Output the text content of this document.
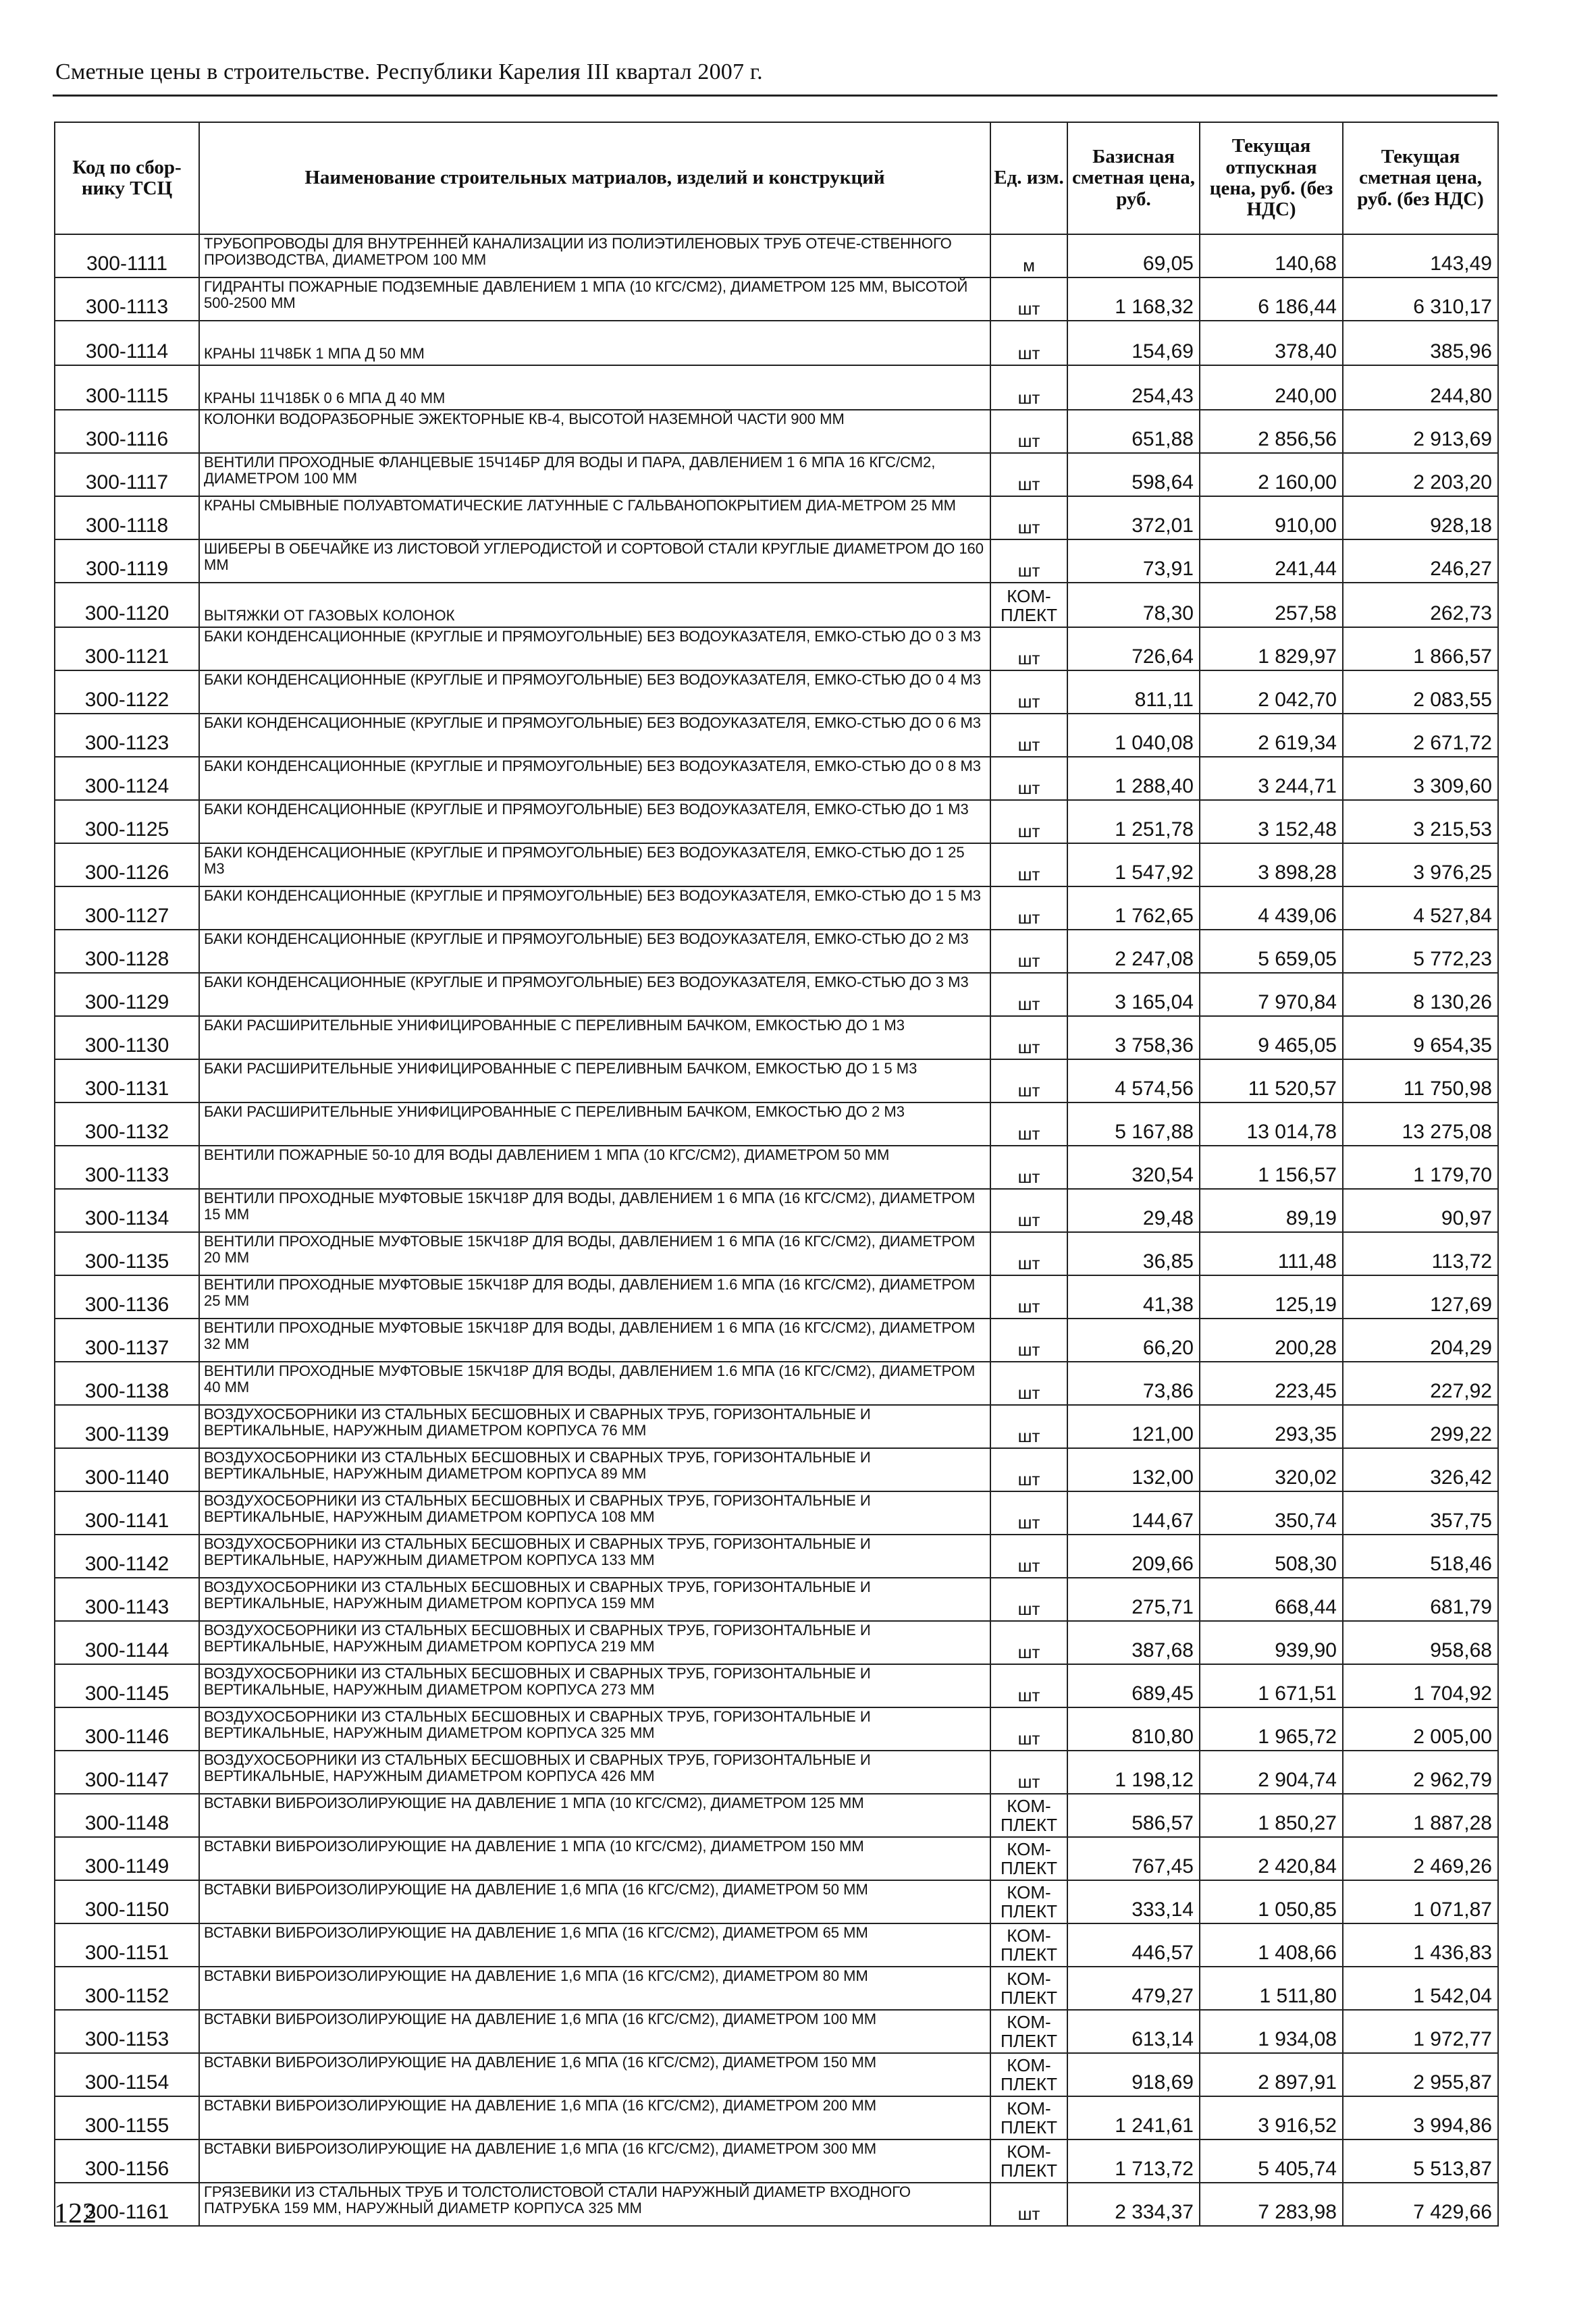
Сметные цены в строительстве. Республики Карелия III квартал 2007 г.
Код по сбор-нику ТСЦ	Наименование строительных матриалов, изделий и конструкций	Ед. изм.	Базисная сметная цена, руб.	Текущая отпускная цена, руб. (без НДС)	Текущая сметная цена, руб. (без НДС)
300-1111	ТРУБОПРОВОДЫ ДЛЯ ВНУТРЕННЕЙ КАНАЛИЗАЦИИ ИЗ ПОЛИЭТИЛЕНОВЫХ ТРУБ ОТЕЧЕ-СТВЕННОГО ПРОИЗВОДСТВА, ДИАМЕТРОМ 100 ММ	м	69,05	140,68	143,49
300-1113	ГИДРАНТЫ ПОЖАРНЫЕ ПОДЗЕМНЫЕ ДАВЛЕНИЕМ 1 МПА (10 КГС/СМ2), ДИАМЕТРОМ 125 ММ, ВЫСОТОЙ 500-2500 ММ	шт	1 168,32	6 186,44	6 310,17
300-1114	КРАНЫ 11Ч8БК 1 МПА Д 50 ММ	шт	154,69	378,40	385,96
300-1115	КРАНЫ 11Ч18БК 0 6 МПА Д 40 ММ	шт	254,43	240,00	244,80
300-1116	КОЛОНКИ ВОДОРАЗБОРНЫЕ ЭЖЕКТОРНЫЕ КВ-4, ВЫСОТОЙ НАЗЕМНОЙ ЧАСТИ 900 ММ	шт	651,88	2 856,56	2 913,69
300-1117	ВЕНТИЛИ ПРОХОДНЫЕ ФЛАНЦЕВЫЕ 15Ч14БР ДЛЯ ВОДЫ И ПАРА, ДАВЛЕНИЕМ 1 6 МПА 16 КГС/СМ2, ДИАМЕТРОМ 100 ММ	шт	598,64	2 160,00	2 203,20
300-1118	КРАНЫ СМЫВНЫЕ ПОЛУАВТОМАТИЧЕСКИЕ ЛАТУННЫЕ С ГАЛЬВАНОПОКРЫТИЕМ ДИА-МЕТРОМ 25 ММ	шт	372,01	910,00	928,18
300-1119	ШИБЕРЫ В ОБЕЧАЙКЕ ИЗ ЛИСТОВОЙ УГЛЕРОДИСТОЙ И СОРТОВОЙ СТАЛИ КРУГЛЫЕ ДИАМЕТРОМ ДО 160 ММ	шт	73,91	241,44	246,27
300-1120	ВЫТЯЖКИ ОТ ГАЗОВЫХ КОЛОНОК	КОМ-ПЛЕКТ	78,30	257,58	262,73
300-1121	БАКИ КОНДЕНСАЦИОННЫЕ (КРУГЛЫЕ И ПРЯМОУГОЛЬНЫЕ) БЕЗ ВОДОУКАЗАТЕЛЯ, ЕМКО-СТЬЮ ДО 0 3 М3	шт	726,64	1 829,97	1 866,57
300-1122	БАКИ КОНДЕНСАЦИОННЫЕ (КРУГЛЫЕ И ПРЯМОУГОЛЬНЫЕ) БЕЗ ВОДОУКАЗАТЕЛЯ, ЕМКО-СТЬЮ ДО 0 4 М3	шт	811,11	2 042,70	2 083,55
300-1123	БАКИ КОНДЕНСАЦИОННЫЕ (КРУГЛЫЕ И ПРЯМОУГОЛЬНЫЕ) БЕЗ ВОДОУКАЗАТЕЛЯ, ЕМКО-СТЬЮ ДО 0 6 М3	шт	1 040,08	2 619,34	2 671,72
300-1124	БАКИ КОНДЕНСАЦИОННЫЕ (КРУГЛЫЕ И ПРЯМОУГОЛЬНЫЕ) БЕЗ ВОДОУКАЗАТЕЛЯ, ЕМКО-СТЬЮ ДО 0 8 М3	шт	1 288,40	3 244,71	3 309,60
300-1125	БАКИ КОНДЕНСАЦИОННЫЕ (КРУГЛЫЕ И ПРЯМОУГОЛЬНЫЕ) БЕЗ ВОДОУКАЗАТЕЛЯ, ЕМКО-СТЬЮ ДО 1 М3	шт	1 251,78	3 152,48	3 215,53
300-1126	БАКИ КОНДЕНСАЦИОННЫЕ (КРУГЛЫЕ И ПРЯМОУГОЛЬНЫЕ) БЕЗ ВОДОУКАЗАТЕЛЯ, ЕМКО-СТЬЮ ДО 1 25 М3	шт	1 547,92	3 898,28	3 976,25
300-1127	БАКИ КОНДЕНСАЦИОННЫЕ (КРУГЛЫЕ И ПРЯМОУГОЛЬНЫЕ) БЕЗ ВОДОУКАЗАТЕЛЯ, ЕМКО-СТЬЮ ДО 1 5 М3	шт	1 762,65	4 439,06	4 527,84
300-1128	БАКИ КОНДЕНСАЦИОННЫЕ (КРУГЛЫЕ И ПРЯМОУГОЛЬНЫЕ) БЕЗ ВОДОУКАЗАТЕЛЯ, ЕМКО-СТЬЮ ДО 2 М3	шт	2 247,08	5 659,05	5 772,23
300-1129	БАКИ КОНДЕНСАЦИОННЫЕ (КРУГЛЫЕ И ПРЯМОУГОЛЬНЫЕ) БЕЗ ВОДОУКАЗАТЕЛЯ, ЕМКО-СТЬЮ ДО 3 М3	шт	3 165,04	7 970,84	8 130,26
300-1130	БАКИ РАСШИРИТЕЛЬНЫЕ УНИФИЦИРОВАННЫЕ С ПЕРЕЛИВНЫМ БАЧКОМ, ЕМКОСТЬЮ ДО 1 М3	шт	3 758,36	9 465,05	9 654,35
300-1131	БАКИ РАСШИРИТЕЛЬНЫЕ УНИФИЦИРОВАННЫЕ С ПЕРЕЛИВНЫМ БАЧКОМ, ЕМКОСТЬЮ ДО 1 5 М3	шт	4 574,56	11 520,57	11 750,98
300-1132	БАКИ РАСШИРИТЕЛЬНЫЕ УНИФИЦИРОВАННЫЕ С ПЕРЕЛИВНЫМ БАЧКОМ, ЕМКОСТЬЮ ДО 2 М3	шт	5 167,88	13 014,78	13 275,08
300-1133	ВЕНТИЛИ ПОЖАРНЫЕ 50-10 ДЛЯ ВОДЫ ДАВЛЕНИЕМ 1 МПА (10 КГС/СМ2), ДИАМЕТРОМ 50 ММ	шт	320,54	1 156,57	1 179,70
300-1134	ВЕНТИЛИ ПРОХОДНЫЕ МУФТОВЫЕ 15КЧ18Р ДЛЯ ВОДЫ, ДАВЛЕНИЕМ 1 6 МПА (16 КГС/СМ2), ДИАМЕТРОМ 15 ММ	шт	29,48	89,19	90,97
300-1135	ВЕНТИЛИ ПРОХОДНЫЕ МУФТОВЫЕ 15КЧ18Р ДЛЯ ВОДЫ, ДАВЛЕНИЕМ 1 6 МПА (16 КГС/СМ2), ДИАМЕТРОМ 20 ММ	шт	36,85	111,48	113,72
300-1136	ВЕНТИЛИ ПРОХОДНЫЕ МУФТОВЫЕ 15КЧ18Р ДЛЯ ВОДЫ, ДАВЛЕНИЕМ 1.6 МПА (16 КГС/СМ2), ДИАМЕТРОМ 25 ММ	шт	41,38	125,19	127,69
300-1137	ВЕНТИЛИ ПРОХОДНЫЕ МУФТОВЫЕ 15КЧ18Р ДЛЯ ВОДЫ, ДАВЛЕНИЕМ 1 6 МПА (16 КГС/СМ2), ДИАМЕТРОМ 32 ММ	шт	66,20	200,28	204,29
300-1138	ВЕНТИЛИ ПРОХОДНЫЕ МУФТОВЫЕ 15КЧ18Р ДЛЯ ВОДЫ, ДАВЛЕНИЕМ 1.6 МПА (16 КГС/СМ2), ДИАМЕТРОМ 40 ММ	шт	73,86	223,45	227,92
300-1139	ВОЗДУХОСБОРНИКИ ИЗ СТАЛЬНЫХ БЕСШОВНЫХ И СВАРНЫХ ТРУБ, ГОРИЗОНТАЛЬНЫЕ И ВЕРТИКАЛЬНЫЕ, НАРУЖНЫМ ДИАМЕТРОМ КОРПУСА 76 ММ	шт	121,00	293,35	299,22
300-1140	ВОЗДУХОСБОРНИКИ ИЗ СТАЛЬНЫХ БЕСШОВНЫХ И СВАРНЫХ ТРУБ, ГОРИЗОНТАЛЬНЫЕ И ВЕРТИКАЛЬНЫЕ, НАРУЖНЫМ ДИАМЕТРОМ КОРПУСА 89 ММ	шт	132,00	320,02	326,42
300-1141	ВОЗДУХОСБОРНИКИ ИЗ СТАЛЬНЫХ БЕСШОВНЫХ И СВАРНЫХ ТРУБ, ГОРИЗОНТАЛЬНЫЕ И ВЕРТИКАЛЬНЫЕ, НАРУЖНЫМ ДИАМЕТРОМ КОРПУСА 108 ММ	шт	144,67	350,74	357,75
300-1142	ВОЗДУХОСБОРНИКИ ИЗ СТАЛЬНЫХ БЕСШОВНЫХ И СВАРНЫХ ТРУБ, ГОРИЗОНТАЛЬНЫЕ И ВЕРТИКАЛЬНЫЕ, НАРУЖНЫМ ДИАМЕТРОМ КОРПУСА 133 ММ	шт	209,66	508,30	518,46
300-1143	ВОЗДУХОСБОРНИКИ ИЗ СТАЛЬНЫХ БЕСШОВНЫХ И СВАРНЫХ ТРУБ, ГОРИЗОНТАЛЬНЫЕ И ВЕРТИКАЛЬНЫЕ, НАРУЖНЫМ ДИАМЕТРОМ КОРПУСА 159 ММ	шт	275,71	668,44	681,79
300-1144	ВОЗДУХОСБОРНИКИ ИЗ СТАЛЬНЫХ БЕСШОВНЫХ И СВАРНЫХ ТРУБ, ГОРИЗОНТАЛЬНЫЕ И ВЕРТИКАЛЬНЫЕ, НАРУЖНЫМ ДИАМЕТРОМ КОРПУСА 219 ММ	шт	387,68	939,90	958,68
300-1145	ВОЗДУХОСБОРНИКИ ИЗ СТАЛЬНЫХ БЕСШОВНЫХ И СВАРНЫХ ТРУБ, ГОРИЗОНТАЛЬНЫЕ И ВЕРТИКАЛЬНЫЕ, НАРУЖНЫМ ДИАМЕТРОМ КОРПУСА 273 ММ	шт	689,45	1 671,51	1 704,92
300-1146	ВОЗДУХОСБОРНИКИ ИЗ СТАЛЬНЫХ БЕСШОВНЫХ И СВАРНЫХ ТРУБ, ГОРИЗОНТАЛЬНЫЕ И ВЕРТИКАЛЬНЫЕ, НАРУЖНЫМ ДИАМЕТРОМ КОРПУСА 325 ММ	шт	810,80	1 965,72	2 005,00
300-1147	ВОЗДУХОСБОРНИКИ ИЗ СТАЛЬНЫХ БЕСШОВНЫХ И СВАРНЫХ ТРУБ, ГОРИЗОНТАЛЬНЫЕ И ВЕРТИКАЛЬНЫЕ, НАРУЖНЫМ ДИАМЕТРОМ КОРПУСА 426 ММ	шт	1 198,12	2 904,74	2 962,79
300-1148	ВСТАВКИ ВИБРОИЗОЛИРУЮЩИЕ НА ДАВЛЕНИЕ 1 МПА (10 КГС/СМ2), ДИАМЕТРОМ 125 ММ	КОМ-ПЛЕКТ	586,57	1 850,27	1 887,28
300-1149	ВСТАВКИ ВИБРОИЗОЛИРУЮЩИЕ НА ДАВЛЕНИЕ 1 МПА (10 КГС/СМ2), ДИАМЕТРОМ 150 ММ	КОМ-ПЛЕКТ	767,45	2 420,84	2 469,26
300-1150	ВСТАВКИ ВИБРОИЗОЛИРУЮЩИЕ НА ДАВЛЕНИЕ 1,6 МПА (16 КГС/СМ2), ДИАМЕТРОМ 50 ММ	КОМ-ПЛЕКТ	333,14	1 050,85	1 071,87
300-1151	ВСТАВКИ ВИБРОИЗОЛИРУЮЩИЕ НА ДАВЛЕНИЕ 1,6 МПА (16 КГС/СМ2), ДИАМЕТРОМ 65 ММ	КОМ-ПЛЕКТ	446,57	1 408,66	1 436,83
300-1152	ВСТАВКИ ВИБРОИЗОЛИРУЮЩИЕ НА ДАВЛЕНИЕ 1,6 МПА (16 КГС/СМ2), ДИАМЕТРОМ 80 ММ	КОМ-ПЛЕКТ	479,27	1 511,80	1 542,04
300-1153	ВСТАВКИ ВИБРОИЗОЛИРУЮЩИЕ НА ДАВЛЕНИЕ 1,6 МПА (16 КГС/СМ2), ДИАМЕТРОМ 100 ММ	КОМ-ПЛЕКТ	613,14	1 934,08	1 972,77
300-1154	ВСТАВКИ ВИБРОИЗОЛИРУЮЩИЕ НА ДАВЛЕНИЕ 1,6 МПА (16 КГС/СМ2), ДИАМЕТРОМ 150 ММ	КОМ-ПЛЕКТ	918,69	2 897,91	2 955,87
300-1155	ВСТАВКИ ВИБРОИЗОЛИРУЮЩИЕ НА ДАВЛЕНИЕ 1,6 МПА (16 КГС/СМ2), ДИАМЕТРОМ 200 ММ	КОМ-ПЛЕКТ	1 241,61	3 916,52	3 994,86
300-1156	ВСТАВКИ ВИБРОИЗОЛИРУЮЩИЕ НА ДАВЛЕНИЕ 1,6 МПА (16 КГС/СМ2), ДИАМЕТРОМ 300 ММ	КОМ-ПЛЕКТ	1 713,72	5 405,74	5 513,87
300-1161	ГРЯЗЕВИКИ ИЗ СТАЛЬНЫХ ТРУБ И ТОЛСТОЛИСТОВОЙ СТАЛИ НАРУЖНЫЙ ДИАМЕТР ВХОДНОГО ПАТРУБКА 159 ММ, НАРУЖНЫЙ ДИАМЕТР КОРПУСА 325 ММ	шт	2 334,37	7 283,98	7 429,66
122
